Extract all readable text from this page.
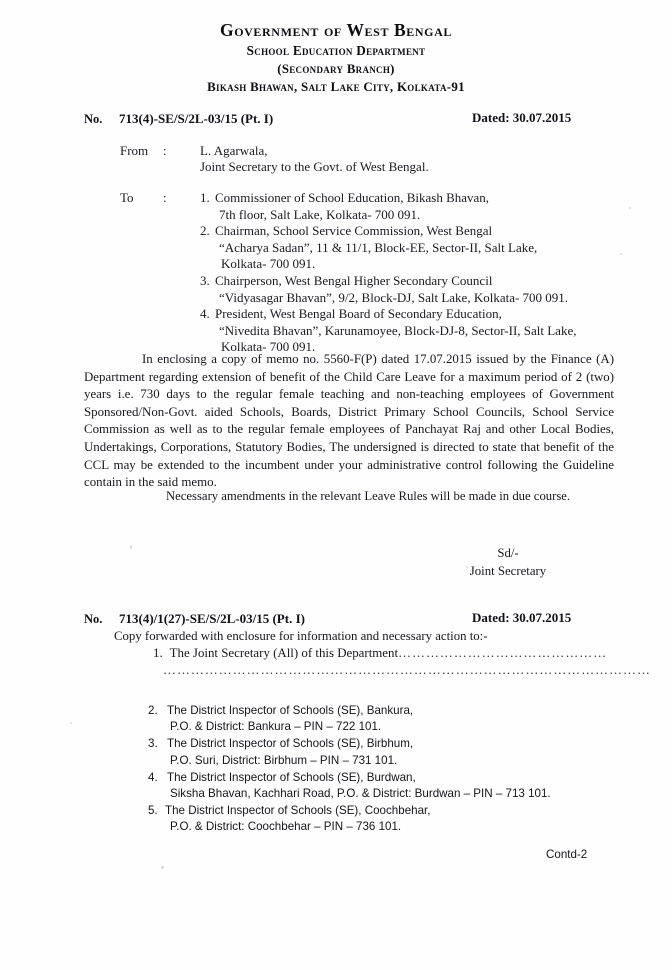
Government of West Bengal
School Education Department
(Secondary Branch)
Bikash Bhawan, Salt Lake City, Kolkata-91
No. 713(4)-SE/S/2L-03/15 (Pt. I)	Dated: 30.07.2015
From :	L. Agarwala,
Joint Secretary to the Govt. of West Bengal.
To :	1. Commissioner of School Education, Bikash Bhavan,
7th floor, Salt Lake, Kolkata- 700 091.
2. Chairman, School Service Commission, West Bengal
“Acharya Sadan”, 11 & 11/1, Block-EE, Sector-II, Salt Lake,
Kolkata- 700 091.
3. Chairperson, West Bengal Higher Secondary Council
“Vidyasagar Bhavan”, 9/2, Block-DJ, Salt Lake, Kolkata- 700 091.
4. President, West Bengal Board of Secondary Education,
“Nivedita Bhavan”, Karunamoyee, Block-DJ-8, Sector-II, Salt Lake,
Kolkata- 700 091.

In enclosing a copy of memo no. 5560-F(P) dated 17.07.2015 issued by the Finance (A) Department regarding extension of benefit of the Child Care Leave for a maximum period of 2 (two) years i.e. 730 days to the regular female teaching and non-teaching employees of Government Sponsored/Non-Govt. aided Schools, Boards, District Primary School Councils, School Service Commission as well as to the regular female employees of Panchayat Raj and other Local Bodies, Undertakings, Corporations, Statutory Bodies, The undersigned is directed to state that benefit of the CCL may be extended to the incumbent under your administrative control following the Guideline contain in the said memo.

Necessary amendments in the relevant Leave Rules will be made in due course.
Sd/-
Joint Secretary
No. 713(4)/1(27)-SE/S/2L-03/15 (Pt. I)	Dated: 30.07.2015
Copy forwarded with enclosure for information and necessary action to:-
1. The Joint Secretary (All) of this Department………………………………………
……………………………………………………………………………………………
2. The District Inspector of Schools (SE), Bankura,
P.O. & District: Bankura – PIN – 722 101.
3. The District Inspector of Schools (SE), Birbhum,
P.O. Suri, District: Birbhum – PIN – 731 101.
4. The District Inspector of Schools (SE), Burdwan,
Siksha Bhavan, Kachhari Road, P.O. & District: Burdwan – PIN – 713 101.
5. The District Inspector of Schools (SE), Coochbehar,
P.O. & District: Coochbehar – PIN – 736 101.
Contd-2
